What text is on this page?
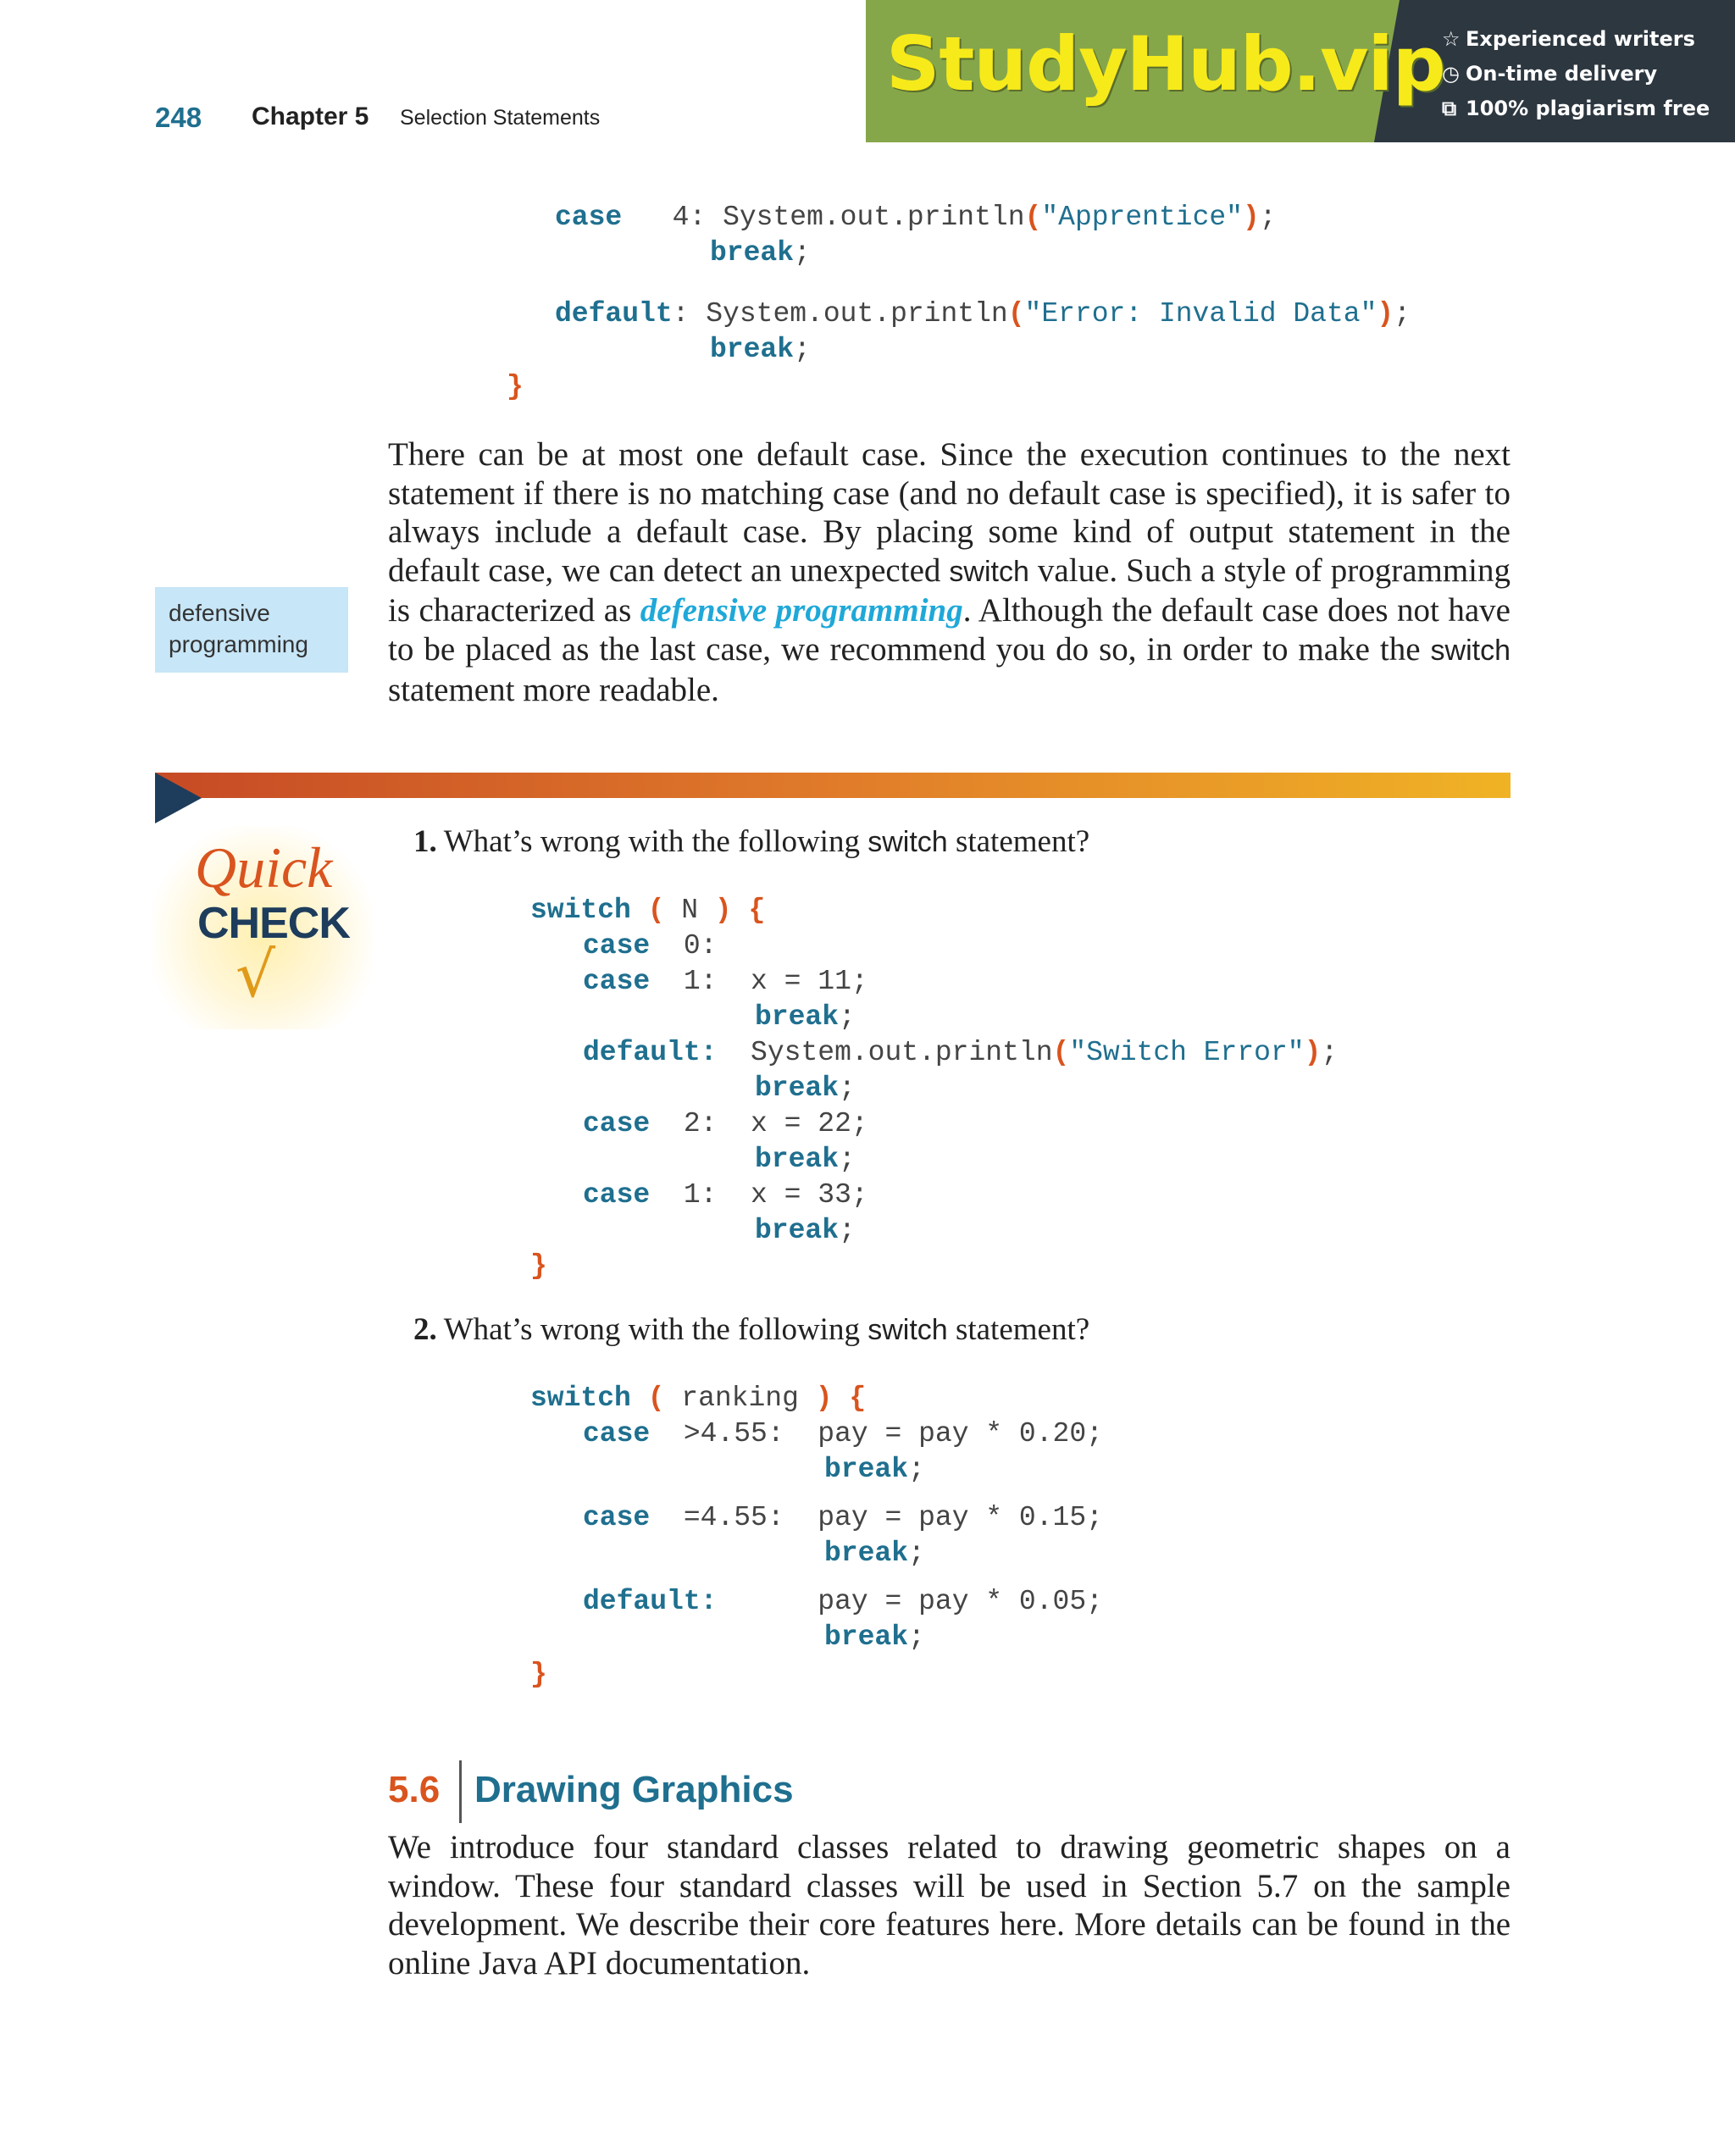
248 Chapter 5 Selection Statements
StudyHub.vip
☆ Experienced writers
◷ On-time delivery
⧉ 100% plagiarism free
case 4: System.out.println("Apprentice");
break;
default: System.out.println("Error: Invalid Data");
break;
}
There can be at most one default case. Since the execution continues to the next statement if there is no matching case (and no default case is specified), it is safer to always include a default case. By placing some kind of output statement in the default case, we can detect an unexpected switch value. Such a style of programming is characterized as defensive programming. Although the default case does not have to be placed as the last case, we recommend you do so, in order to make the switch statement more readable.
defensive
programming
Quick
CHECK
√
1. What’s wrong with the following switch statement?
switch ( N ) {
case 0:
case 1: x = 11;
break;
default: System.out.println("Switch Error");
break;
case 2: x = 22;
break;
case 1: x = 33;
break;
}
2. What’s wrong with the following switch statement?
switch ( ranking ) {
case >4.55: pay = pay * 0.20;
break;
case =4.55: pay = pay * 0.15;
break;
default:	pay = pay * 0.05;
break;
}
5.6 Drawing Graphics
We introduce four standard classes related to drawing geometric shapes on a window. These four standard classes will be used in Section 5.7 on the sample development. We describe their core features here. More details can be found in the online Java API documentation.
